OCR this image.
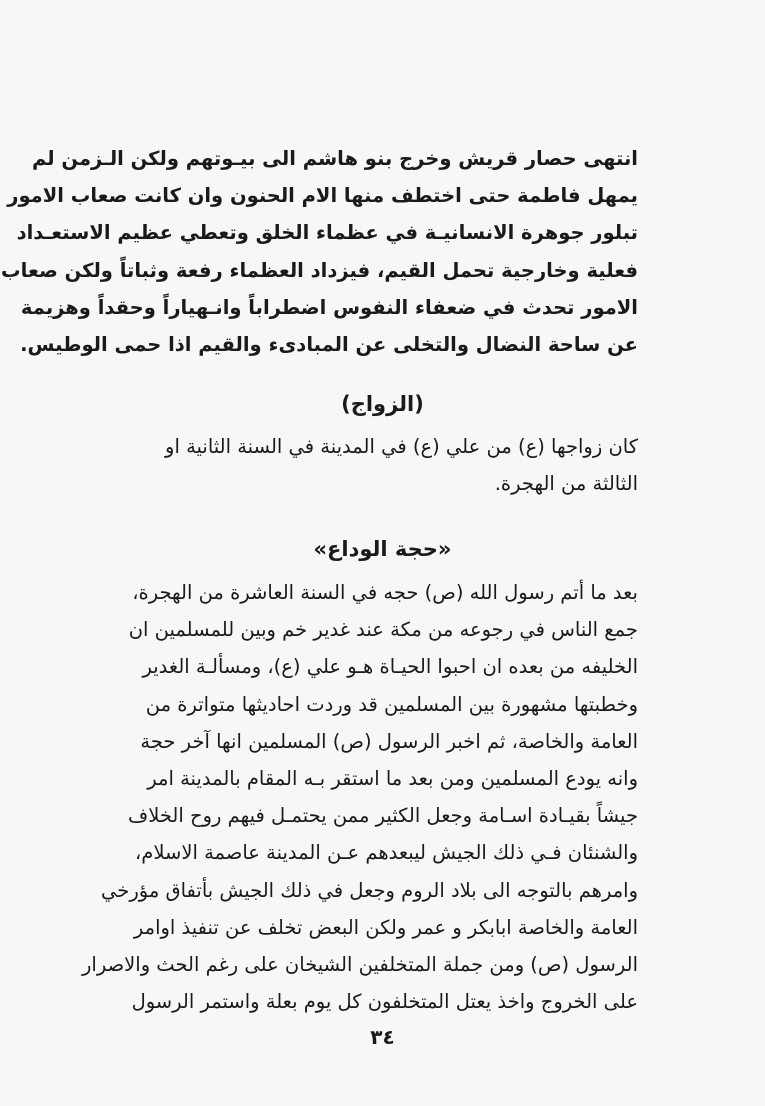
انتهى حصار قريش وخرج بنو هاشم الى بيـوتهم ولكن الـزمن لم
يمهل فاطمة حتى اختطف منها الام الحنون وان كانت صعاب الامور
تبلور جوهرة الانسانيـة في عظماء الخلق وتعطي عظيم الاستعـداد
فعلية وخارجية تحمل القيم، فيزداد العظماء رفعة وثباتاً ولكن صعاب
الامور تحدث في ضعفاء النفوس اضطراباً وانـهياراً وحقداً وهزيمة
عن ساحة النضال والتخلى عن المبادىء والقيم اذا حمى الوطيس.
(الزواج)
كان زواجها (ع) من علي (ع) في المدينة في السنة الثانية او
الثالثة من الهجرة.
«حجة الوداع»
بعد ما أتم رسول الله (ص) حجه في السنة العاشرة من الهجرة،
جمع الناس في رجوعه من مكة عند غدير خم وبين للمسلمين ان
الخليفه من بعده ان احبوا الحيـاة هـو علي (ع)، ومسألـة الغدير
وخطبتها مشهورة بين المسلمين قد وردت احاديثها متواترة من
العامة والخاصة، ثم اخبر الرسول (ص) المسلمين انها آخر حجة
وانه يودع المسلمين ومن بعد ما استقر بـه المقام بالمدينة امر
جيشاً بقيـادة اسـامة وجعل الكثير ممن يحتمـل فيهم روح الخلاف
والشنئان فـي ذلك الجيش ليبعدهم عـن المدينة عاصمة الاسلام،
وامرهم بالتوجه الى بلاد الروم وجعل في ذلك الجيش بأتفاق مؤرخي
العامة والخاصة ابابكر و عمر ولكن البعض تخلف عن تنفيذ اوامر
الرسول (ص) ومن جملة المتخلفين الشيخان على رغم الحث والاصرار
على الخروج واخذ يعتل المتخلفون كل يوم بعلة واستمر الرسول
٣٤
